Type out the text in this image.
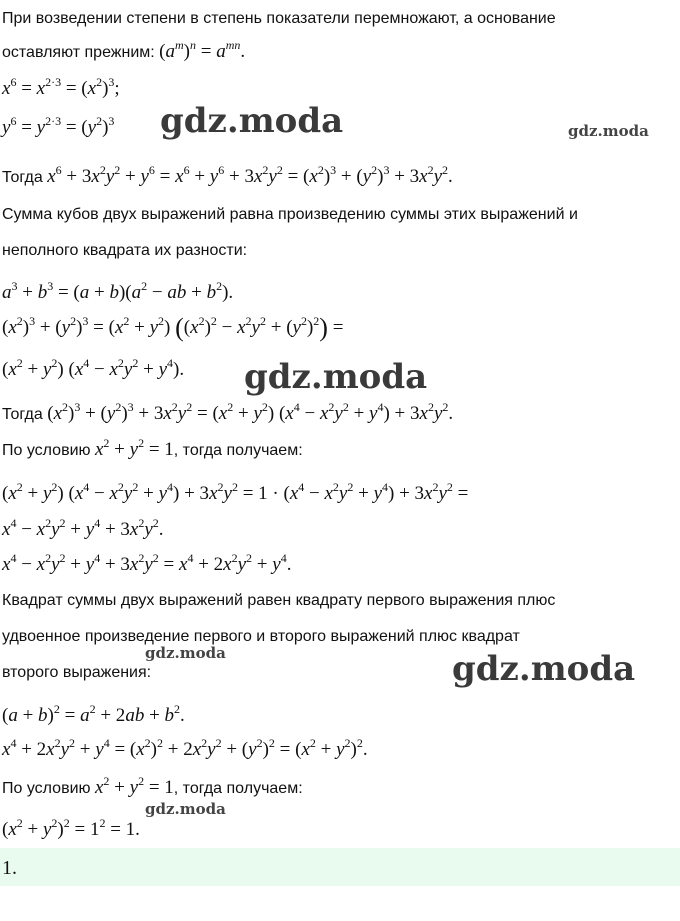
При возведении степени в степень показатели перемножают, а основание
оставляют прежним: $(a^m)^n = a^{mn}$.
$x^6 = x^{2\cdot 3} = (x^2)^3$;
$y^6 = y^{2\cdot 3} = (y^2)^3$ gdz.moda	gdz.moda
Тогда $x^6 + 3x^2y^2 + y^6 = x^6 + y^6 + 3x^2y^2 = (x^2)^3 + (y^2)^3 + 3x^2y^2$.
Сумма кубов двух выражений равна произведению суммы этих выражений и
неполного квадрата их разности:
$a^3 + b^3 = (a + b)(a^2$ − ab + $b^2$).
$(x^2)^3 + (y^2)^3 = (x^2 + y^2) ((x^2)^2 - x^2y^2 + (y^2)^2)$ =
$(x^2 + y^2) (x^4 - x^2y^2 + y^4)$. gdz.moda
Тогда $(x^2)^3 + (y^2)^3 + 3x^2y^2 = (x^2 + y^2) (x^4 - x^2y^2 + y^4) + 3x^2y^2$.
По условию $x^2 + y^2 = 1$, тогда получаем:
$(x^2 + y^2) (x^4 - x^2y^2 + y^4) + 3x^2y^2 = 1 \cdot (x^4 - x^2y^2 + y^4) + 3x^2y^2$ =
$x^4 - x^2y^2 + y^4 + 3x^2y^2$.
$x^4 - x^2y^2 + y^4 + 3x^2y^2 = x^4 + 2x^2y^2 + y^4$.
Квадрат суммы двух выражений равен квадрату первого выражения плюс
удвоенное произведение первого и второго выражений плюс квадрат
второго выражения:
gdz.moda	gdz.moda
$(a + b)^2 = a^2 + 2ab + b^2$.
$x^4 + 2x^2y^2 + y^4 = (x^2)^2 + 2x^2y^2 + (y^2)^2 = (x^2 + y^2)^2$.
По условию $x^2 + y^2 = 1$, тогда получаем:
gdz.moda
$(x^2 + y^2)^2 = 1^2 = 1$.
1.
